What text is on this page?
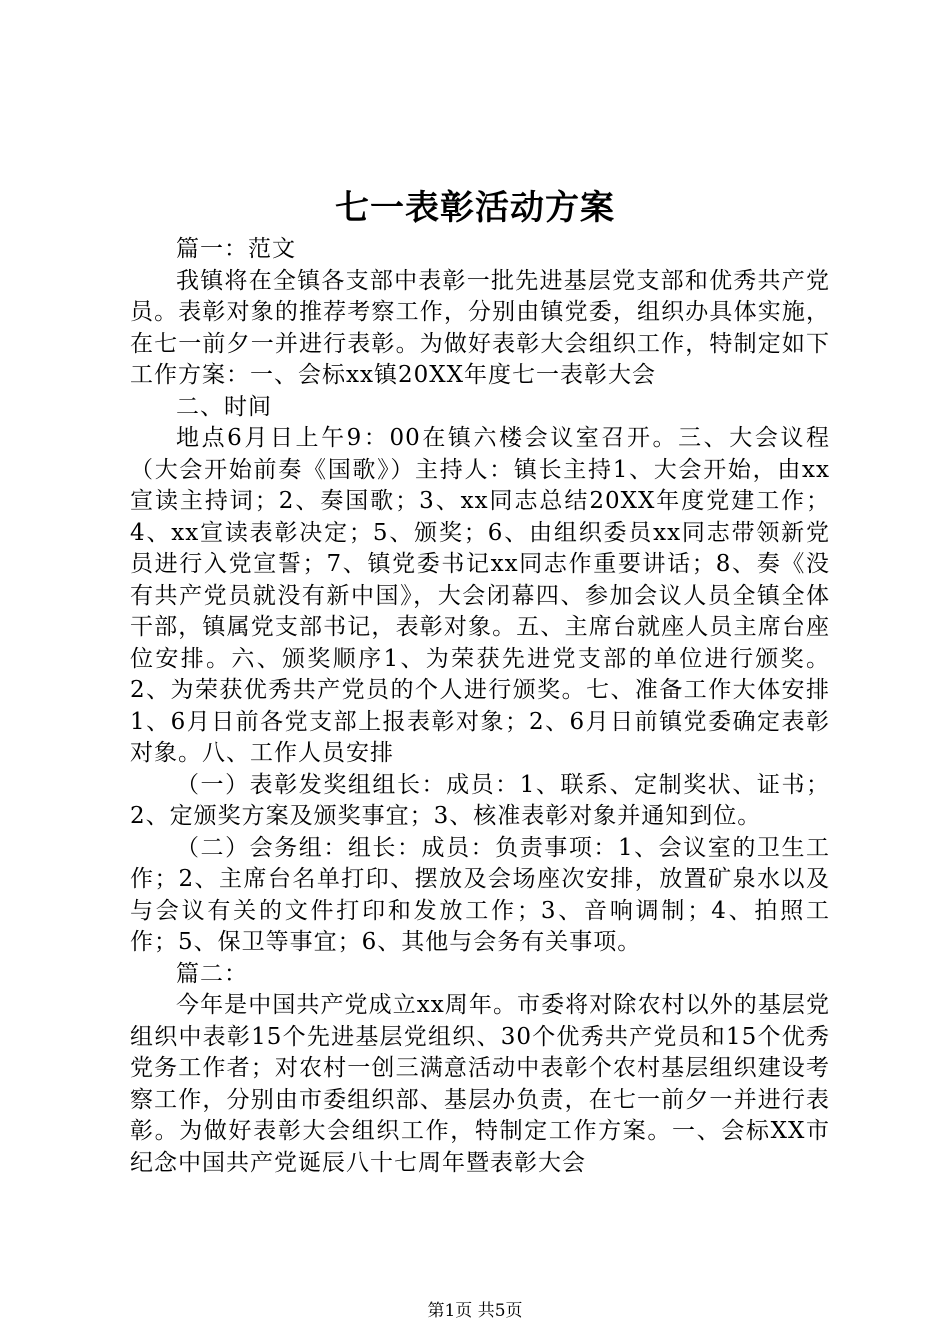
七一表彰活动方案

篇一：范文

我镇将在全镇各支部中表彰一批先进基层党支部和优秀共产党员。表彰对象的推荐考察工作，分别由镇党委，组织办具体实施，在七一前夕一并进行表彰。为做好表彰大会组织工作，特制定如下工作方案：一、会标xx镇20XX年度七一表彰大会

二、时间

地点6月日上午9：00在镇六楼会议室召开。三、大会议程（大会开始前奏《国歌》）主持人：镇长主持1、大会开始，由xx宣读主持词；2、奏国歌；3、xx同志总结20XX年度党建工作；4、xx宣读表彰决定；5、颁奖；6、由组织委员xx同志带领新党员进行入党宣誓；7、镇党委书记xx同志作重要讲话；8、奏《没有共产党员就没有新中国》，大会闭幕四、参加会议人员全镇全体干部，镇属党支部书记，表彰对象。五、主席台就座人员主席台座位安排。六、颁奖顺序1、为荣获先进党支部的单位进行颁奖。2、为荣获优秀共产党员的个人进行颁奖。七、准备工作大体安排1、6月日前各党支部上报表彰对象；2、6月日前镇党委确定表彰对象。八、工作人员安排

（一）表彰发奖组组长：成员：1、联系、定制奖状、证书；2、定颁奖方案及颁奖事宜；3、核准表彰对象并通知到位。

（二）会务组：组长：成员：负责事项：1、会议室的卫生工作；2、主席台名单打印、摆放及会场座次安排，放置矿泉水以及与会议有关的文件打印和发放工作；3、音响调制；4、拍照工作；5、保卫等事宜；6、其他与会务有关事项。

篇二：

今年是中国共产党成立xx周年。市委将对除农村以外的基层党组织中表彰15个先进基层党组织、30个优秀共产党员和15个优秀党务工作者；对农村一创三满意活动中表彰个农村基层组织建设考察工作，分别由市委组织部、基层办负责，在七一前夕一并进行表彰。为做好表彰大会组织工作，特制定工作方案。一、会标XX市纪念中国共产党诞辰八十七周年暨表彰大会

第1页 共5页
